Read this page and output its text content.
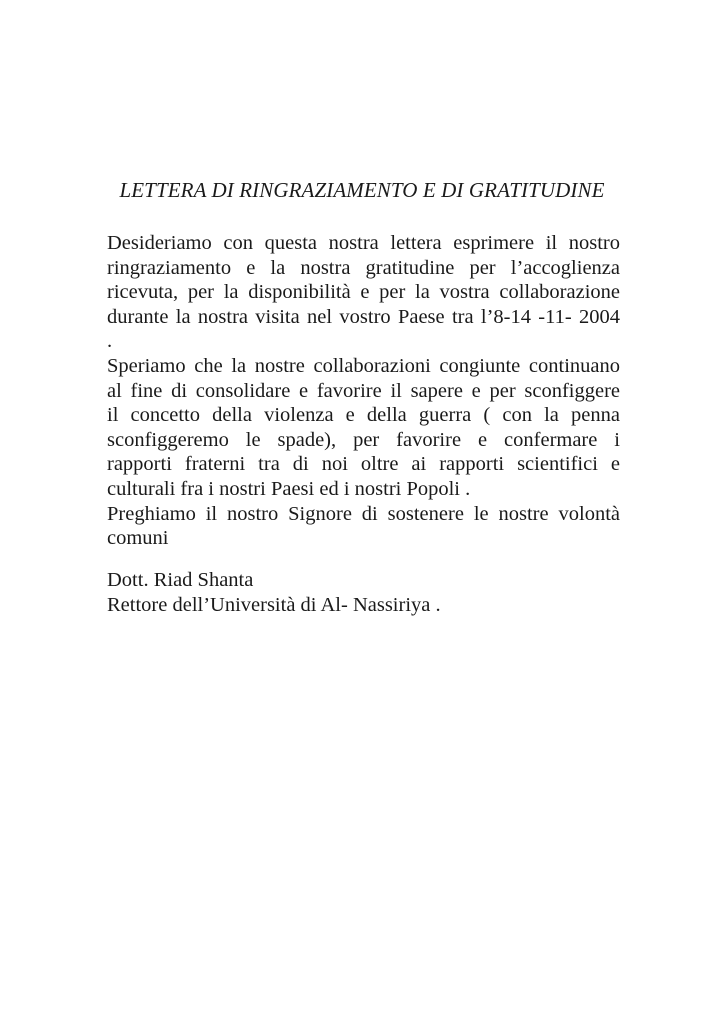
LETTERA DI RINGRAZIAMENTO E DI GRATITUDINE

Desideriamo con questa nostra lettera esprimere il nostro

ringraziamento e la nostra gratitudine per l’accoglienza

ricevuta, per la disponibilità e per la vostra collaborazione

durante la nostra visita nel vostro Paese tra l’8-14 -11- 2004

.

Speriamo che la nostre collaborazioni congiunte continuano

al fine di consolidare e favorire il sapere e per sconfiggere

il concetto della violenza e della guerra ( con la penna

sconfiggeremo le spade), per favorire e confermare i

rapporti fraterni tra di noi oltre ai rapporti scientifici e

culturali fra i nostri Paesi ed i nostri Popoli .

Preghiamo il nostro Signore di sostenere le nostre volontà

comuni

Dott. Riad Shanta

Rettore dell’Università di Al- Nassiriya .
